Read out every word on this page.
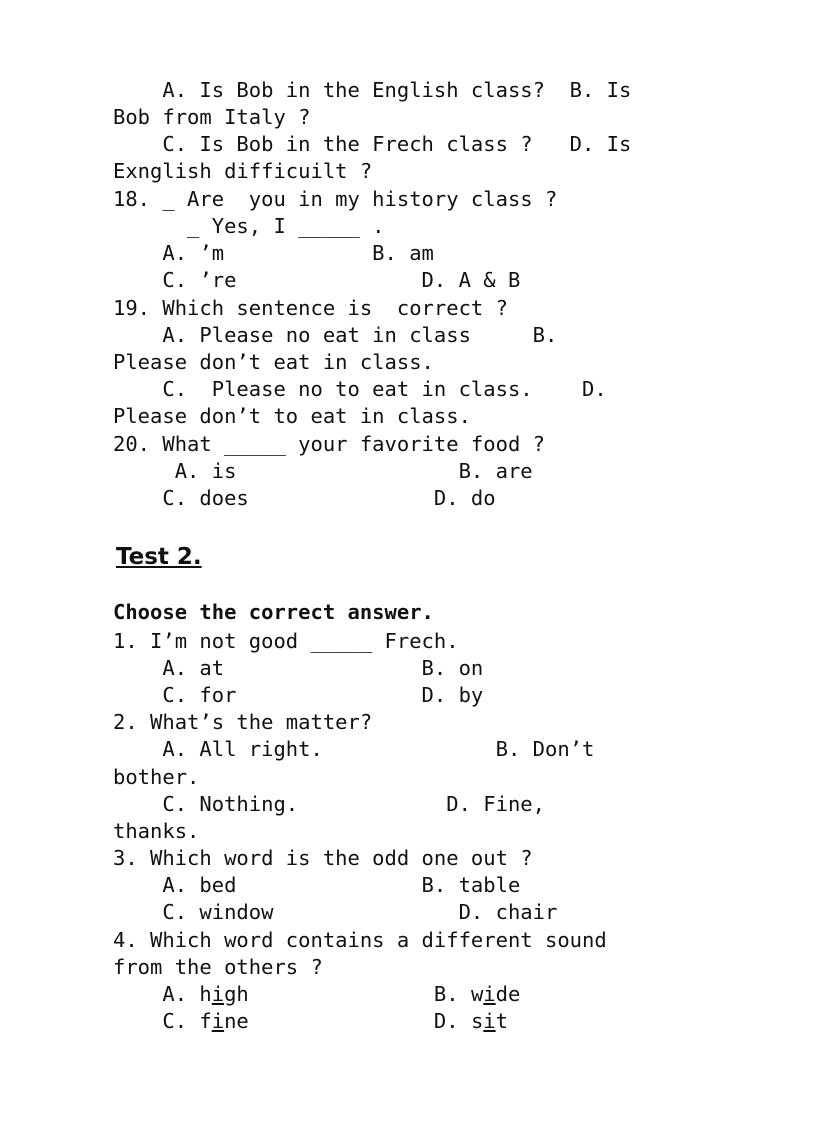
A. Is Bob in the English class?  B. Is
Bob from Italy ?
C. Is Bob in the Frech class ?   D. Is
Exnglish difficuilt ?
18. _ Are  you in my history class ?
_ Yes, I _____ .
A. ’m            B. am
C. ’re               D. A & B
19. Which sentence is  correct ?
A. Please no eat in class     B.
Please don’t eat in class.
C.  Please no to eat in class.    D.
Please don’t to eat in class.
20. What _____ your favorite food ?
A. is                  B. are
C. does               D. do
Test 2.
Choose the correct answer.
1. I’m not good _____ Frech.
A. at                B. on
C. for               D. by
2. What’s the matter?
A. All right.              B. Don’t
bother.
C. Nothing.            D. Fine,
thanks.
3. Which word is the odd one out ?
A. bed               B. table
C. window               D. chair
4. Which word contains a different sound
from the others ?
A. high	B. wide
C. fine	D. sit
